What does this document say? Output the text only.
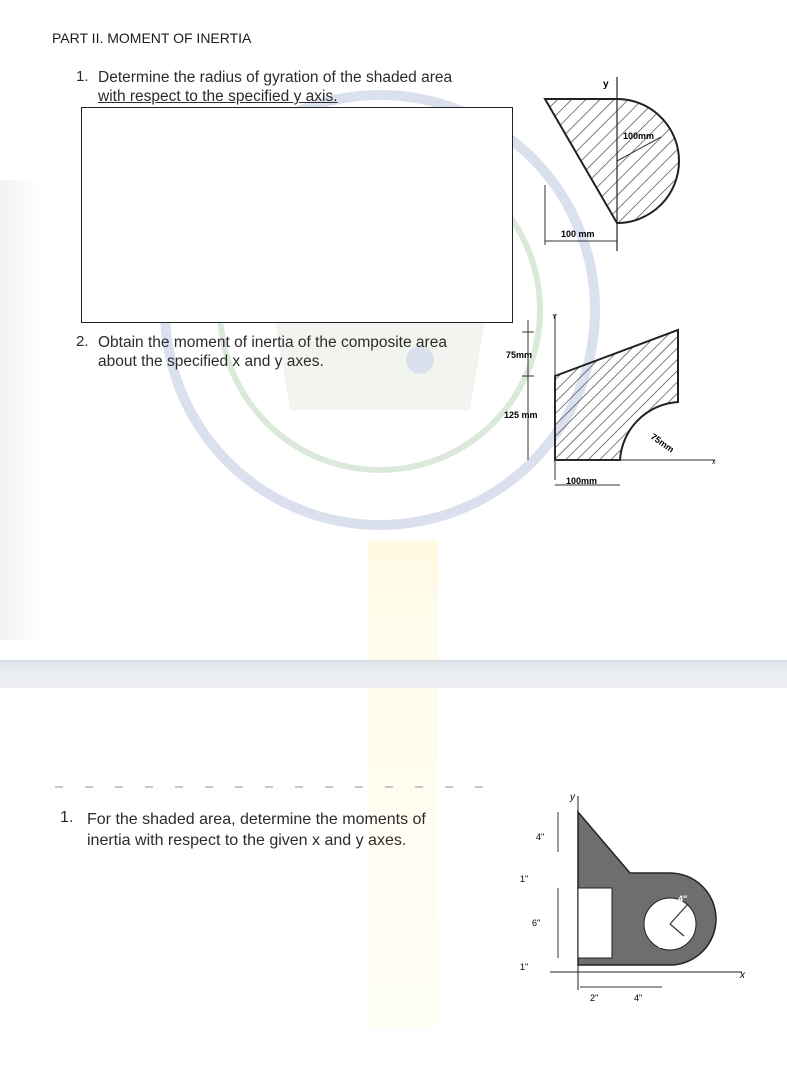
PART II. MOMENT OF INERTIA
1. Determine the radius of gyration of the shaded area
with respect to the specified y axis.
y
100mm
100 mm
2. Obtain the moment of inertia of the composite area
about the specified x and y axes.
Y
x
75mm
125 mm
100mm
75mm
1. For the shaded area, determine the moments of
inertia with respect to the given x and y axes.
y
x
4"
1"
6"
1"
2"	4"
4"
3"
